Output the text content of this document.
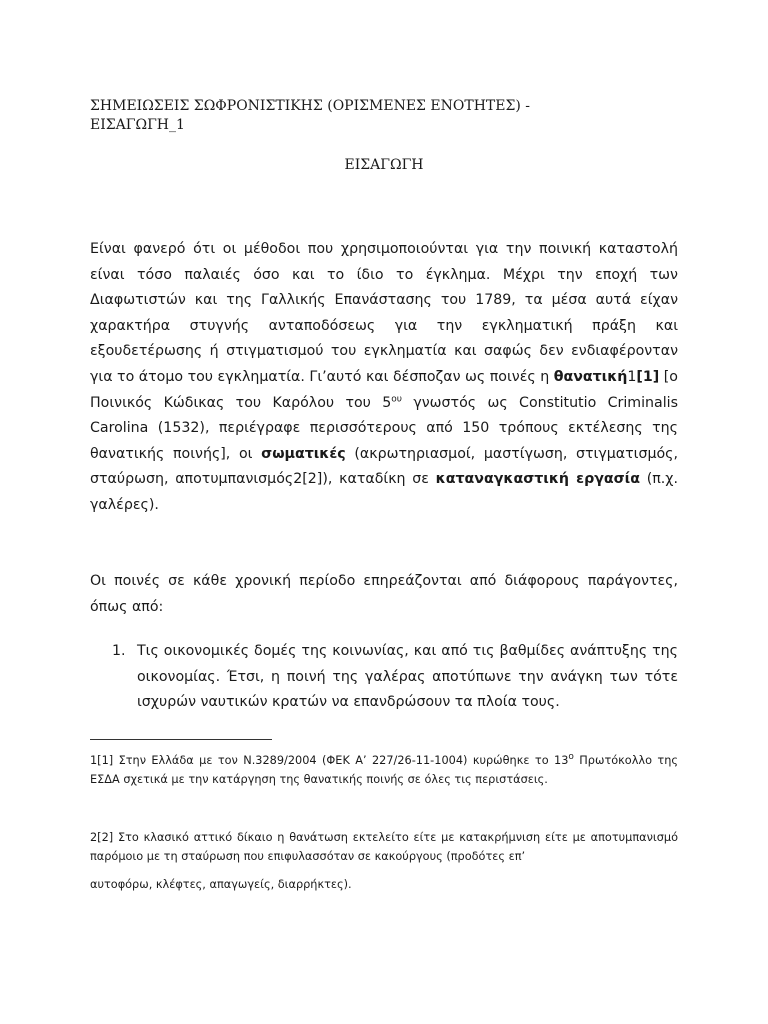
ΣΗΜΕΙΩΣΕΙΣ ΣΩΦΡΟΝΙΣΤΙΚΗΣ (ΟΡΙΣΜΕΝΕΣ ΕΝΟΤΗΤΕΣ) -
ΕΙΣΑΓΩΓΗ_1
ΕΙΣΑΓΩΓΗ
Είναι φανερό ότι οι μέθοδοι που χρησιμοποιούνται για την ποινική καταστολή είναι τόσο παλαιές όσο και το ίδιο το έγκλημα. Μέχρι την εποχή των Διαφωτιστών και της Γαλλικής Επανάστασης του 1789, τα μέσα αυτά είχαν χαρακτήρα στυγνής ανταποδόσεως για την εγκληματική πράξη και εξουδετέρωσης ή στιγματισμού του εγκληματία και σαφώς δεν ενδιαφέρονταν για το άτομο του εγκληματία. Γι’αυτό και δέσποζαν ως ποινές η θανατική1[1] [ο Ποινικός Κώδικας του Καρόλου του $5^{o\upsilon}$ γνωστός ως Constitutio Criminalis Carolina (1532), περιέγραφε περισσότερους από 150 τρόπους εκτέλεσης της θανατικής ποινής], οι σωματικές (ακρωτηριασμοί, μαστίγωση, στιγματισμός, σταύρωση, αποτυμπανισμός2[2]), καταδίκη σε καταναγκαστική εργασία (π.χ. γαλέρες).
Οι ποινές σε κάθε χρονική περίοδο επηρεάζονται από διάφορους παράγοντες, όπως από:
1. Τις οικονομικές δομές της κοινωνίας, και από τις βαθμίδες ανάπτυξης της οικονομίας. Έτσι, η ποινή της γαλέρας αποτύπωνε την ανάγκη των τότε ισχυρών ναυτικών κρατών να επανδρώσουν τα πλοία τους.
1[1] Στην Ελλάδα με τον Ν.3289/2004 (ΦΕΚ Α’ 227/26-11-1004) κυρώθηκε το $13^o$ Πρωτόκολλο της ΕΣΔΑ σχετικά με την κατάργηση της θανατικής ποινής σε όλες τις περιστάσεις.
2[2] Στο κλασικό αττικό δίκαιο η θανάτωση εκτελείτο είτε με κατακρήμνιση είτε με αποτυμπανισμό παρόμοιο με τη σταύρωση που επιφυλασσόταν σε κακούργους (προδότες επ’
αυτοφόρω, κλέφτες, απαγωγείς, διαρρήκτες).
